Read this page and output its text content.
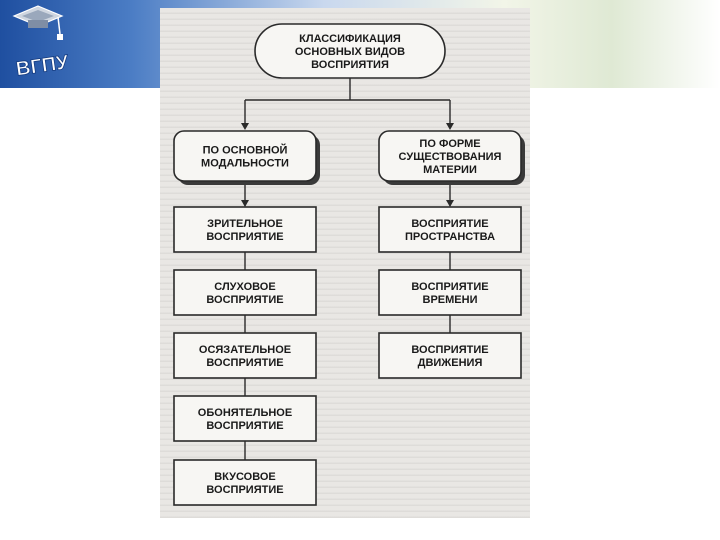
ВГПУ
КЛАССИФИКАЦИЯ
ОСНОВНЫХ ВИДОВ
ВОСПРИЯТИЯ
ПО ОСНОВНОЙ
МОДАЛЬНОСТИ
ПО ФОРМЕ
СУЩЕСТВОВАНИЯ
МАТЕРИИ
ЗРИТЕЛЬНОЕ
ВОСПРИЯТИЕ
СЛУХОВОЕ
ВОСПРИЯТИЕ
ОСЯЗАТЕЛЬНОЕ
ВОСПРИЯТИЕ
ОБОНЯТЕЛЬНОЕ
ВОСПРИЯТИЕ
ВКУСОВОЕ
ВОСПРИЯТИЕ
ВОСПРИЯТИЕ
ПРОСТРАНСТВА
ВОСПРИЯТИЕ
ВРЕМЕНИ
ВОСПРИЯТИЕ
ДВИЖЕНИЯ
